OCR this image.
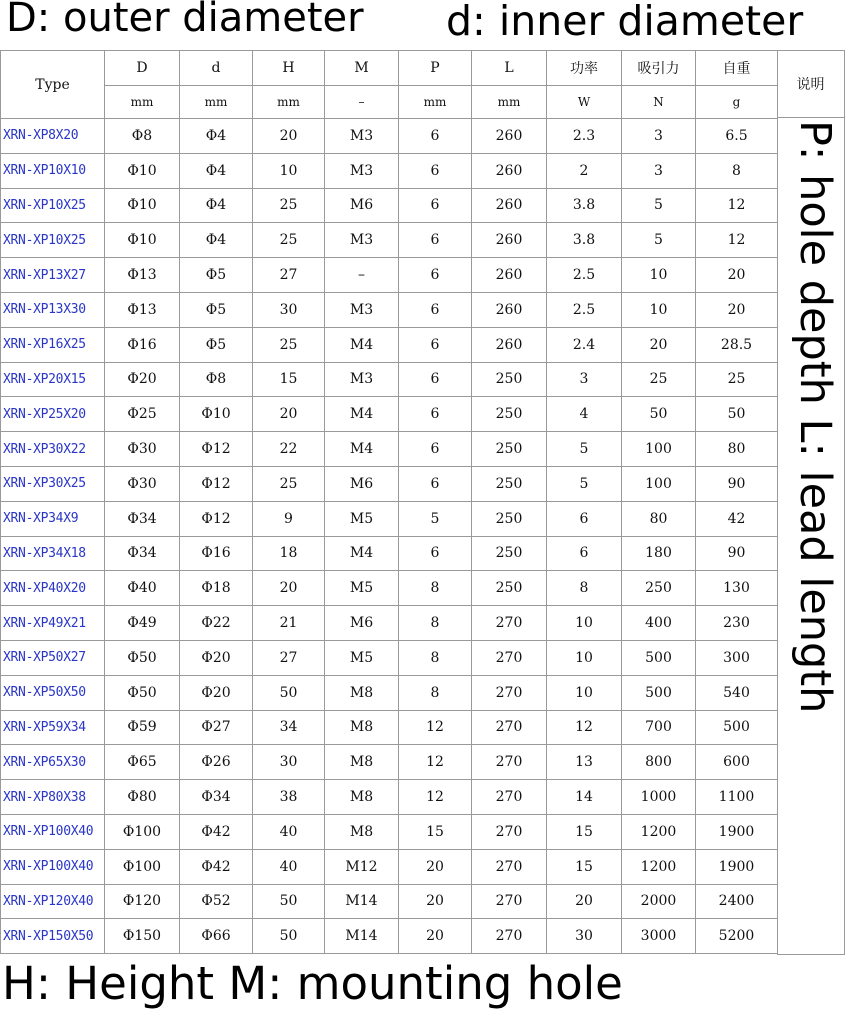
D: outer diameter d: inner diameter
Type	D	d	H	M	P	L	功率	吸引力	自重
	mm	mm	mm	–	mm	mm	W	N	g
XRN-XP8X20	Φ8	Φ4	20	M3	6	260	2.3	3	6.5
XRN-XP10X10	Φ10	Φ4	10	M3	6	260	2	3	8
XRN-XP10X25	Φ10	Φ4	25	M6	6	260	3.8	5	12
XRN-XP10X25	Φ10	Φ4	25	M3	6	260	3.8	5	12
XRN-XP13X27	Φ13	Φ5	27	–	6	260	2.5	10	20
XRN-XP13X30	Φ13	Φ5	30	M3	6	260	2.5	10	20
XRN-XP16X25	Φ16	Φ5	25	M4	6	260	2.4	20	28.5
XRN-XP20X15	Φ20	Φ8	15	M3	6	250	3	25	25
XRN-XP25X20	Φ25	Φ10	20	M4	6	250	4	50	50
XRN-XP30X22	Φ30	Φ12	22	M4	6	250	5	100	80
XRN-XP30X25	Φ30	Φ12	25	M6	6	250	5	100	90
XRN-XP34X9	Φ34	Φ12	9	M5	5	250	6	80	42
XRN-XP34X18	Φ34	Φ16	18	M4	6	250	6	180	90
XRN-XP40X20	Φ40	Φ18	20	M5	8	250	8	250	130
XRN-XP49X21	Φ49	Φ22	21	M6	8	270	10	400	230
XRN-XP50X27	Φ50	Φ20	27	M5	8	270	10	500	300
XRN-XP50X50	Φ50	Φ20	50	M8	8	270	10	500	540
XRN-XP59X34	Φ59	Φ27	34	M8	12	270	12	700	500
XRN-XP65X30	Φ65	Φ26	30	M8	12	270	13	800	600
XRN-XP80X38	Φ80	Φ34	38	M8	12	270	14	1000	1100
XRN-XP100X40	Φ100	Φ42	40	M8	15	270	15	1200	1900
XRN-XP100X40	Φ100	Φ42	40	M12	20	270	15	1200	1900
XRN-XP120X40	Φ120	Φ52	50	M14	20	270	20	2000	2400
XRN-XP150X50	Φ150	Φ66	50	M14	20	270	30	3000	5200
说明
P: hole depth L: lead length
H: Height M: mounting hole
